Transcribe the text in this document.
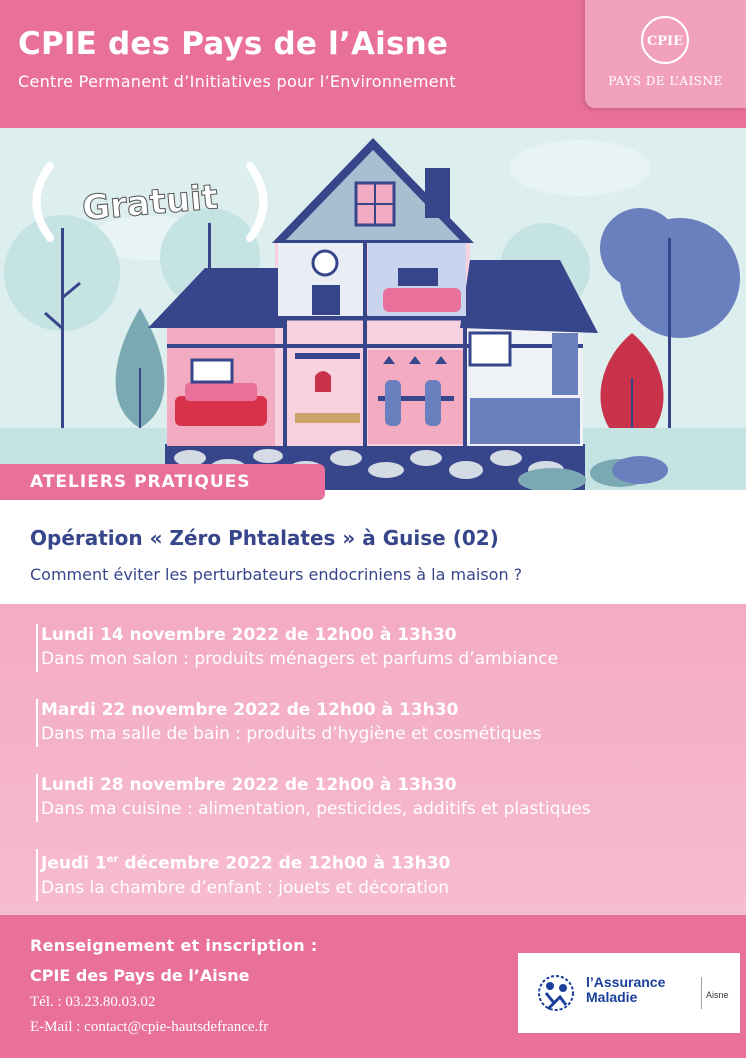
CPIE des Pays de l’Aisne
Centre Permanent d’Initiatives pour l’Environnement
CPIE
PAYS DE L’AISNE
Gratuit
ATELIERS PRATIQUES
Opération « Zéro Phtalates » à Guise (02)
Comment éviter les perturbateurs endocriniens à la maison ?
Lundi 14 novembre 2022 de 12h00 à 13h30
Dans mon salon : produits ménagers et parfums d’ambiance
Mardi 22 novembre 2022 de 12h00 à 13h30
Dans ma salle de bain : produits d’hygiène et cosmétiques
Lundi 28 novembre 2022 de 12h00 à 13h30
Dans ma cuisine : alimentation, pesticides, additifs et plastiques
Jeudi 1er décembre 2022 de 12h00 à 13h30
Dans la chambre d’enfant : jouets et décoration
Renseignement et inscription :
CPIE des Pays de l’Aisne
Tél. : 03.23.80.03.02
E-Mail : contact@cpie-hautsdefrance.fr
l’Assurance
Maladie	Aisne
